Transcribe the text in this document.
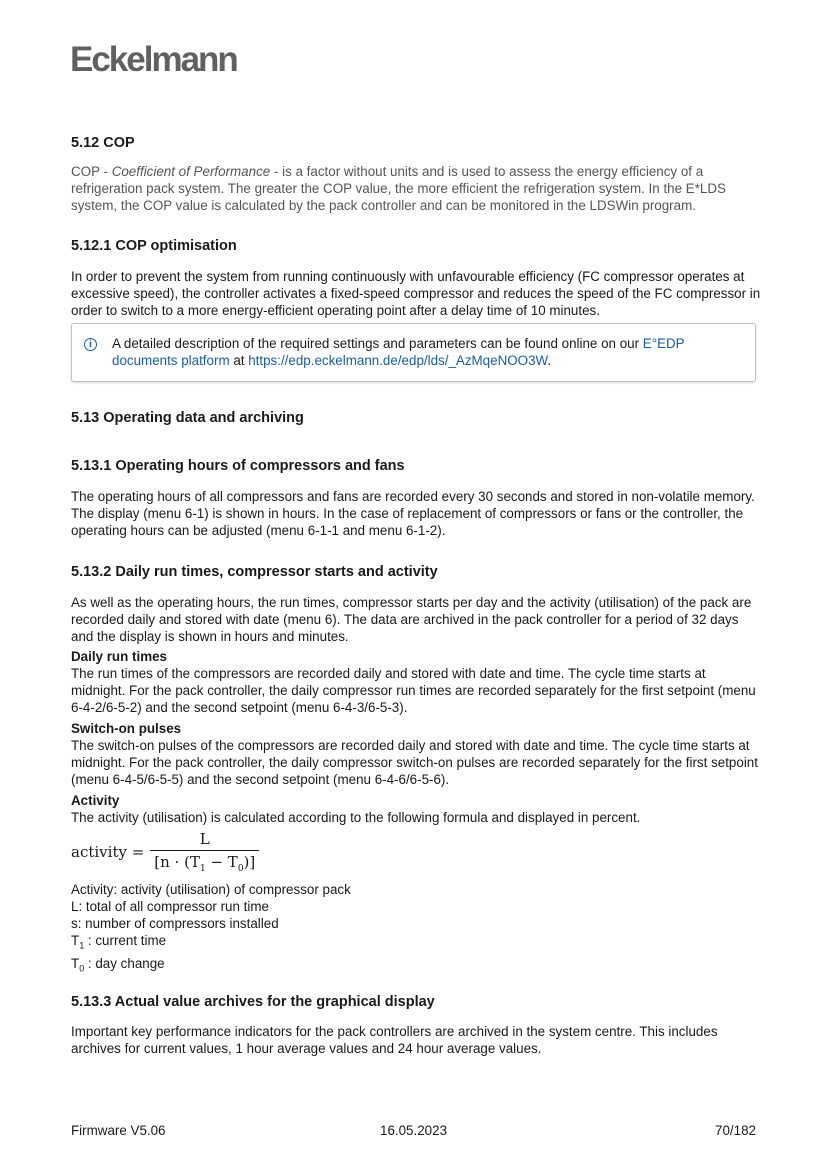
Eckelmann
5.12 COP
COP - Coefficient of Performance - is a factor without units and is used to assess the energy efficiency of a refrigeration pack system. The greater the COP value, the more efficient the refrigeration system. In the E*LDS system, the COP value is calculated by the pack controller and can be monitored in the LDSWin program.
5.12.1 COP optimisation
In order to prevent the system from running continuously with unfavourable efficiency (FC compressor operates at excessive speed), the controller activates a fixed-speed compressor and reduces the speed of the FC compressor in order to switch to a more energy-efficient operating point after a delay time of 10 minutes.
i	A detailed description of the required settings and parameters can be found online on our E°EDP documents platform at https://edp.eckelmann.de/edp/lds/_AzMqeNOO3W.
5.13 Operating data and archiving
5.13.1 Operating hours of compressors and fans
The operating hours of all compressors and fans are recorded every 30 seconds and stored in non-volatile memory. The display (menu 6-1) is shown in hours. In the case of replacement of compressors or fans or the controller, the operating hours can be adjusted (menu 6-1-1 and menu 6-1-2).
5.13.2 Daily run times, compressor starts and activity
As well as the operating hours, the run times, compressor starts per day and the activity (utilisation) of the pack are recorded daily and stored with date (menu 6). The data are archived in the pack controller for a period of 32 days and the display is shown in hours and minutes.
Daily run times
The run times of the compressors are recorded daily and stored with date and time. The cycle time starts at midnight. For the pack controller, the daily compressor run times are recorded separately for the first setpoint (menu 6-4-2/6-5-2) and the second setpoint (menu 6-4-3/6-5-3).
Switch-on pulses
The switch-on pulses of the compressors are recorded daily and stored with date and time. The cycle time starts at midnight. For the pack controller, the daily compressor switch-on pulses are recorded separately for the first setpoint (menu 6-4-5/6-5-5) and the second setpoint (menu 6-4-6/6-5-6).
Activity
The activity (utilisation) is calculated according to the following formula and displayed in percent.
activity = $\frac{L}{[n \cdot (T_1 - T_0)]}$
Activity: activity (utilisation) of compressor pack
L: total of all compressor run time
s: number of compressors installed
$T_1$ : current time
$T_0$ : day change
5.13.3 Actual value archives for the graphical display
Important key performance indicators for the pack controllers are archived in the system centre. This includes archives for current values, 1 hour average values and 24 hour average values.
Firmware V5.06	16.05.2023	70/182
